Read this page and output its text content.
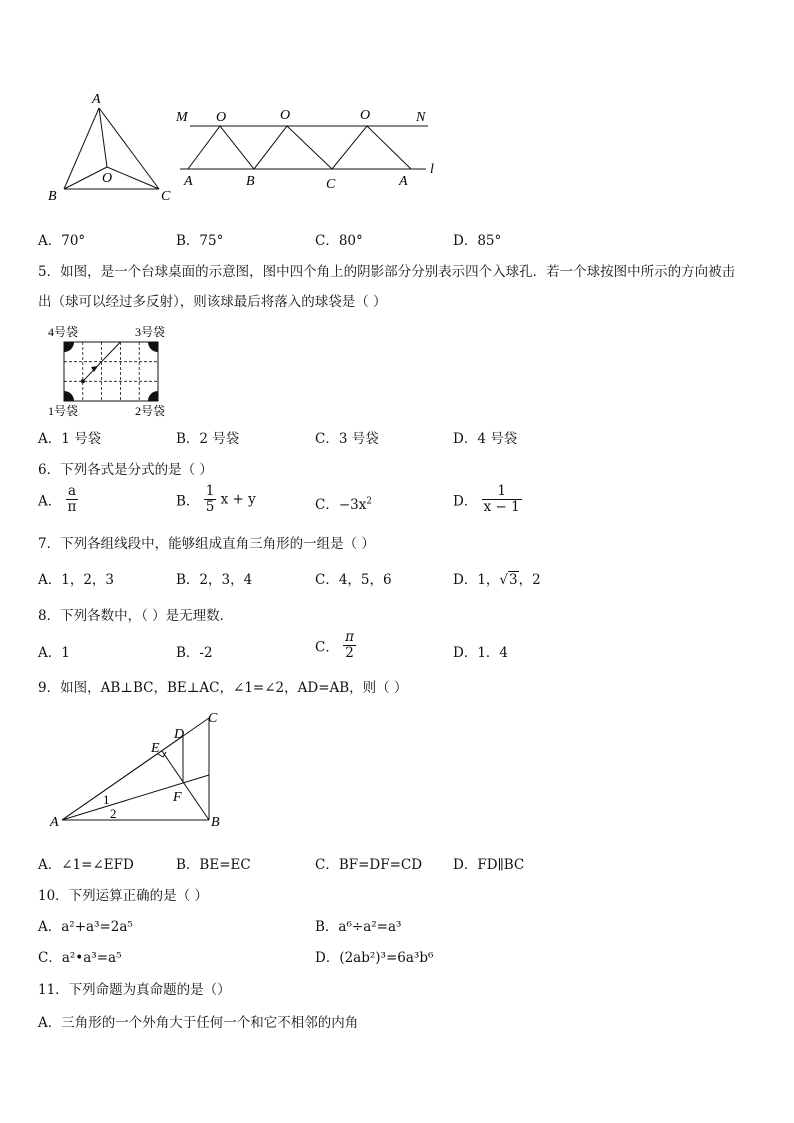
A
B	C
O
M	N
l
O	O	O
A	B	C	A
A．70°	B．75°	C．80°	D．85°
5．如图，是一个台球桌面的示意图，图中四个角上的阴影部分分别表示四个入球孔．若一个球按图中所示的方向被击
出（球可以经过多反射），则该球最后将落入的球袋是（ ）
4号袋	3号袋
1号袋	2号袋
A．1 号袋	B．2 号袋	C．3 号袋	D．4 号袋
6．下列各式是分式的是（ ）
A． $\frac{a}{\pi}$	B． $\frac{1}{5}$ x + y	C．$-3x^2$	D． $\frac{1}{x - 1}$
7．下列各组线段中，能够组成直角三角形的一组是（ ）
A．1，2，3	B．2，3，4	C．4，5，6	D．1，√3，2
8．下列各数中，（ ）是无理数．
A．1	B．-2	C． $\frac{\pi}{2}$	D．1．4
9．如图，AB⊥BC，BE⊥AC，∠1=∠2，AD=AB，则（ ）
A	B
C
D
E
F
1
2
A．∠1=∠EFD	B．BE=EC	C．BF=DF=CD D．FD∥BC
10．下列运算正确的是（ ）
A．a²+a³=2a⁵	B．a⁶÷a²=a³
C．a²•a³=a⁵	D．(2ab²)³=6a³b⁶
11．下列命题为真命题的是（）
A．三角形的一个外角大于任何一个和它不相邻的内角
